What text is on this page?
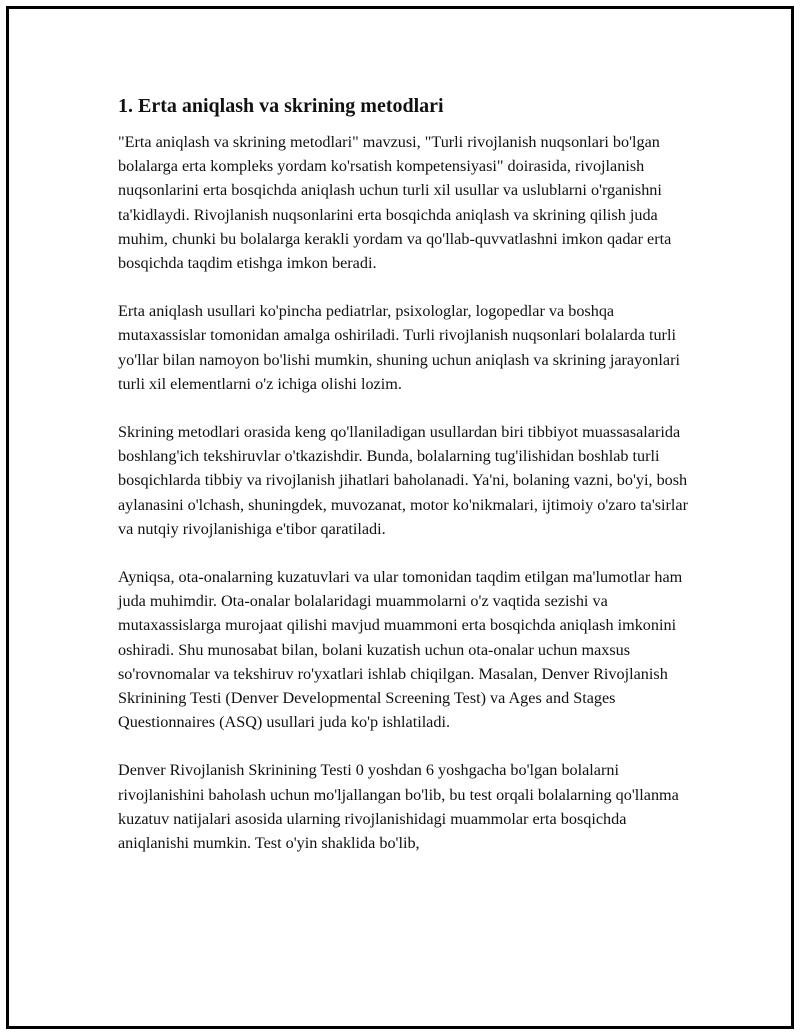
1. Erta aniqlash va skrining metodlari

"Erta aniqlash va skrining metodlari" mavzusi, "Turli rivojlanish nuqsonlari bo'lgan bolalarga erta kompleks yordam ko'rsatish kompetensiyasi" doirasida, rivojlanish nuqsonlarini erta bosqichda aniqlash uchun turli xil usullar va uslublarni o'rganishni ta'kidlaydi. Rivojlanish nuqsonlarini erta bosqichda aniqlash va skrining qilish juda muhim, chunki bu bolalarga kerakli yordam va qo'llab-quvvatlashni imkon qadar erta bosqichda taqdim etishga imkon beradi.

Erta aniqlash usullari ko'pincha pediatrlar, psixologlar, logopedlar va boshqa mutaxassislar tomonidan amalga oshiriladi. Turli rivojlanish nuqsonlari bolalarda turli yo'llar bilan namoyon bo'lishi mumkin, shuning uchun aniqlash va skrining jarayonlari turli xil elementlarni o'z ichiga olishi lozim.

Skrining metodlari orasida keng qo'llaniladigan usullardan biri tibbiyot muassasalarida boshlang'ich tekshiruvlar o'tkazishdir. Bunda, bolalarning tug'ilishidan boshlab turli bosqichlarda tibbiy va rivojlanish jihatlari baholanadi. Ya'ni, bolaning vazni, bo'yi, bosh aylanasini o'lchash, shuningdek, muvozanat, motor ko'nikmalari, ijtimoiy o'zaro ta'sirlar va nutqiy rivojlanishiga e'tibor qaratiladi.

Ayniqsa, ota-onalarning kuzatuvlari va ular tomonidan taqdim etilgan ma'lumotlar ham juda muhimdir. Ota-onalar bolalaridagi muammolarni o'z vaqtida sezishi va mutaxassislarga murojaat qilishi mavjud muammoni erta bosqichda aniqlash imkonini oshiradi. Shu munosabat bilan, bolani kuzatish uchun ota-onalar uchun maxsus so'rovnomalar va tekshiruv ro'yxatlari ishlab chiqilgan. Masalan, Denver Rivojlanish Skrinining Testi (Denver Developmental Screening Test) va Ages and Stages Questionnaires (ASQ) usullari juda ko'p ishlatiladi.

Denver Rivojlanish Skrinining Testi 0 yoshdan 6 yoshgacha bo'lgan bolalarni rivojlanishini baholash uchun mo'ljallangan bo'lib, bu test orqali bolalarning qo'llanma kuzatuv natijalari asosida ularning rivojlanishidagi muammolar erta bosqichda aniqlanishi mumkin. Test o'yin shaklida bo'lib,
